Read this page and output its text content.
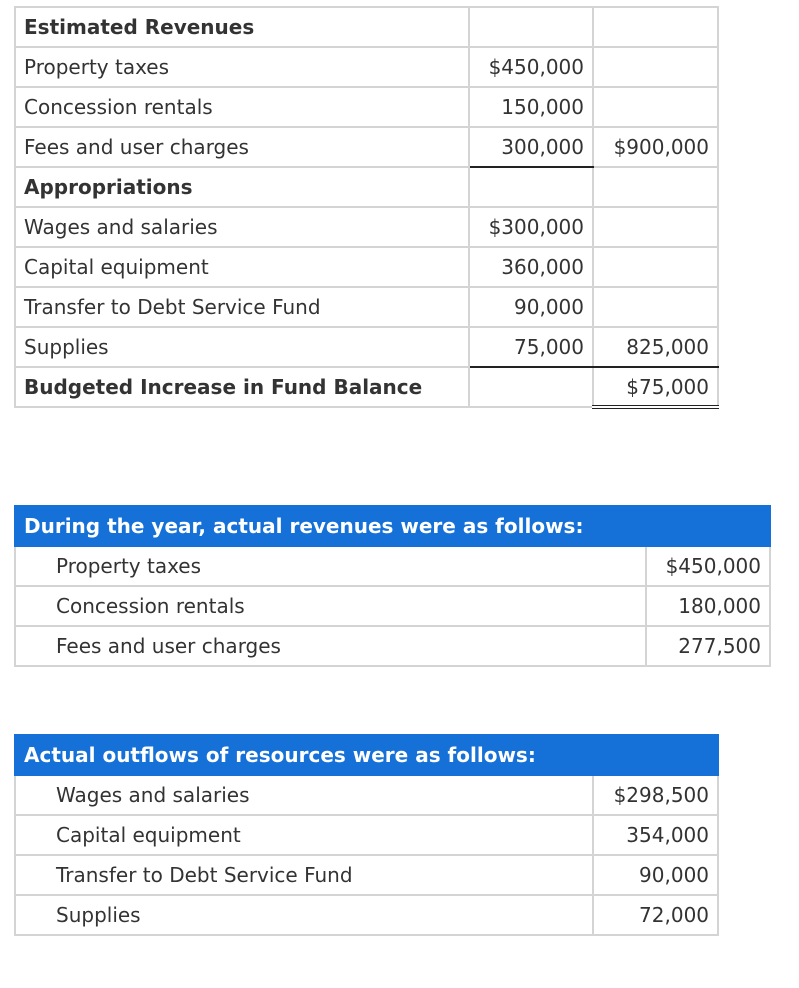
Estimated Revenues		
Property taxes	$450,000	
Concession rentals	150,000	
Fees and user charges	300,000	$900,000
Appropriations		
Wages and salaries	$300,000	
Capital equipment	360,000	
Transfer to Debt Service Fund	90,000	
Supplies	75,000	825,000
Budgeted Increase in Fund Balance		$75,000
During the year, actual revenues were as follows:	
Property taxes	$450,000
Concession rentals	180,000
Fees and user charges	277,500
Actual outflows of resources were as follows:	
Wages and salaries	$298,500
Capital equipment	354,000
Transfer to Debt Service Fund	90,000
Supplies	72,000
